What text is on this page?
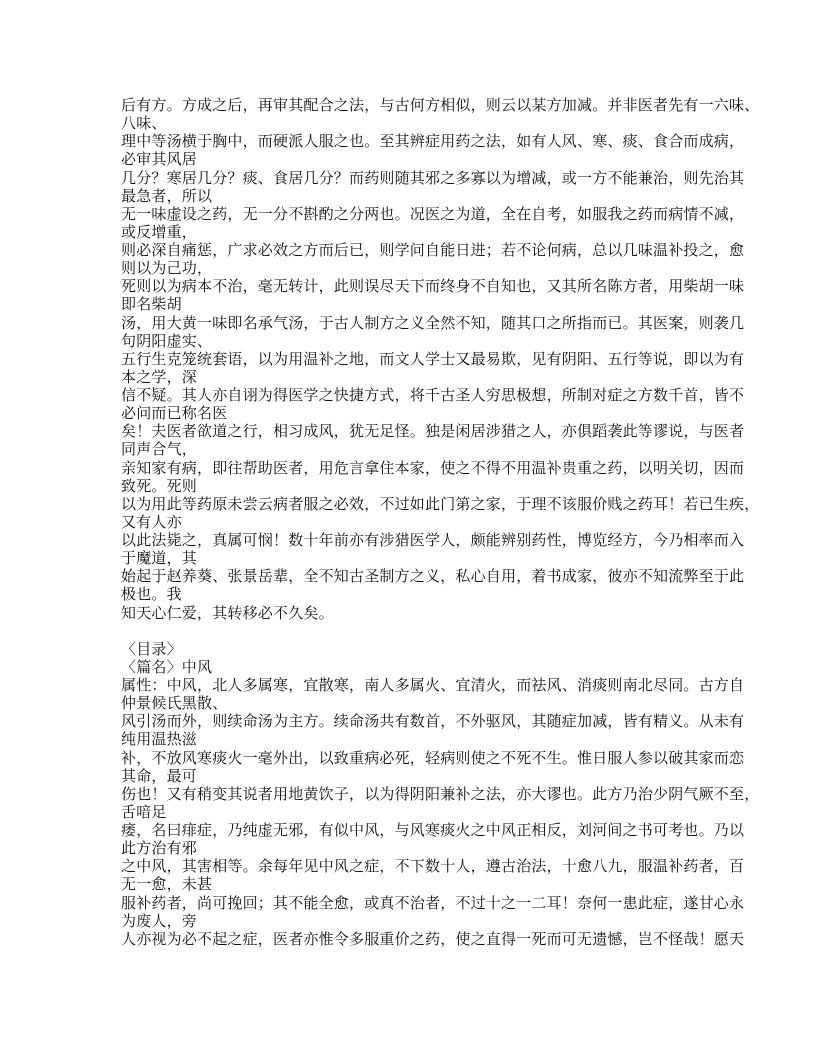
后有方。方成之后，再审其配合之法，与古何方相似，则云以某方加减。并非医者先有一六味、
八味、
理中等汤横于胸中，而硬派人服之也。至其辨症用药之法，如有人风、寒、痰、食合而成病，
必审其风居
几分？寒居几分？痰、食居几分？而药则随其邪之多寡以为增减，或一方不能兼治，则先治其
最急者，所以
无一味虚设之药，无一分不斟酌之分两也。况医之为道，全在自考，如服我之药而病情不减，
或反增重，
则必深自痛惩，广求必效之方而后已，则学问自能日进；若不论何病，总以几味温补投之，愈
则以为己功，
死则以为病本不治，毫无转计，此则误尽天下而终身不自知也，又其所名陈方者，用柴胡一味
即名柴胡
汤，用大黄一味即名承气汤，于古人制方之义全然不知，随其口之所指而已。其医案，则袭几
句阴阳虚实、
五行生克笼统套语，以为用温补之地，而文人学士又最易欺，见有阴阳、五行等说，即以为有
本之学，深
信不疑。其人亦自诩为得医学之快捷方式，将千古圣人穷思极想，所制对症之方数千首，皆不
必问而已称名医
矣！夫医者欲道之行，相习成风，犹无足怪。独是闲居涉猎之人，亦俱蹈袭此等谬说，与医者
同声合气，
亲知家有病，即往帮助医者，用危言拿住本家，使之不得不用温补贵重之药，以明关切，因而
致死。死则
以为用此等药原未尝云病者服之必效，不过如此门第之家，于理不该服价贱之药耳！若已生疾，
又有人亦
以此法毙之，真属可悯！数十年前亦有涉猎医学人，颇能辨别药性，博览经方，今乃相率而入
于魔道，其
始起于赵养葵、张景岳辈，全不知古圣制方之义，私心自用，着书成家，彼亦不知流弊至于此
极也。我
知天心仁爱，其转移必不久矣。
〈目录〉
〈篇名〉中风
属性：中风，北人多属寒，宜散寒，南人多属火、宜清火，而祛风、消痰则南北尽同。古方自
仲景候氏黑散、
风引汤而外，则续命汤为主方。续命汤共有数首，不外驱风，其随症加减，皆有精义。从未有
纯用温热滋
补，不放风寒痰火一毫外出，以致重病必死，轻病则使之不死不生。惟日服人参以破其家而恋
其命，最可
伤也！又有稍变其说者用地黄饮子，以为得阴阳兼补之法，亦大谬也。此方乃治少阴气厥不至，
舌喑足
痿，名曰痱症，乃纯虚无邪，有似中风，与风寒痰火之中风正相反，刘河间之书可考也。乃以
此方治有邪
之中风，其害相等。余每年见中风之症，不下数十人，遵古治法，十愈八九，服温补药者，百
无一愈，未甚
服补药者，尚可挽回；其不能全愈，或真不治者，不过十之一二耳！奈何一患此症，遂甘心永
为废人，旁
人亦视为必不起之症，医者亦惟令多服重价之药，使之直得一死而可无遗憾，岂不怪哉！愿天
